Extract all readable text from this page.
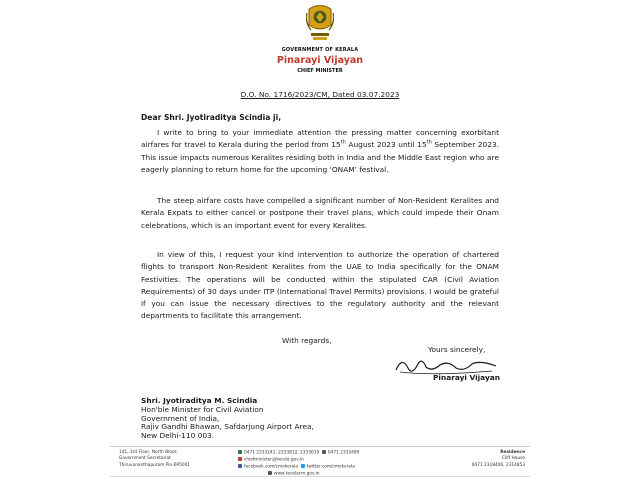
GOVERNMENT OF KERALA
Pinarayi Vijayan
CHIEF MINISTER
D.O. No. 1716/2023/CM, Dated 03.07.2023
Dear Shri. Jyotiraditya Scindia ji,

I write to bring to your immediate attention the pressing matter concerning exorbitant airfares for travel to Kerala during the period from 15th August 2023 until 15th September 2023. This issue impacts numerous Keralites residing both in India and the Middle East region who are eagerly planning to return home for the upcoming ‘ONAM’ festival.

The steep airfare costs have compelled a significant number of Non-Resident Keralites and Kerala Expats to either cancel or postpone their travel plans, which could impede their Onam celebrations, which is an important event for every Keralites.

In view of this, I request your kind intervention to authorize the operation of chartered flights to transport Non-Resident Keralites from the UAE to India specifically for the ONAM Festivities. The operations will be conducted within the stipulated CAR (Civil Aviation Requirements) of 30 days under ITP (International Travel Permits) provisions. I would be grateful if you can issue the necessary directives to the regulatory authority and the relevant departments to facilitate this arrangement.

With regards,
Yours sincerely,
Pinarayi Vijayan
Shri. Jyotiraditya M. Scindia
Hon'ble Minister for Civil Aviation
Government of India,
Rajiv Gandhi Bhawan, Safdarjung Airport Area,
New Delhi-110 003.
141, 3rd Floor, North Block
Government Secretariat
Thiruvananthapuram Pin-695001
0471 2333241, 2333812, 2333610 0471 2333489
chiefminister@kerala.gov.in
facebook.com/cmokerala twitter.com/cmokerala
www.keralacm.gov.in
Residence
Cliff House
0471 2318406, 2314853
